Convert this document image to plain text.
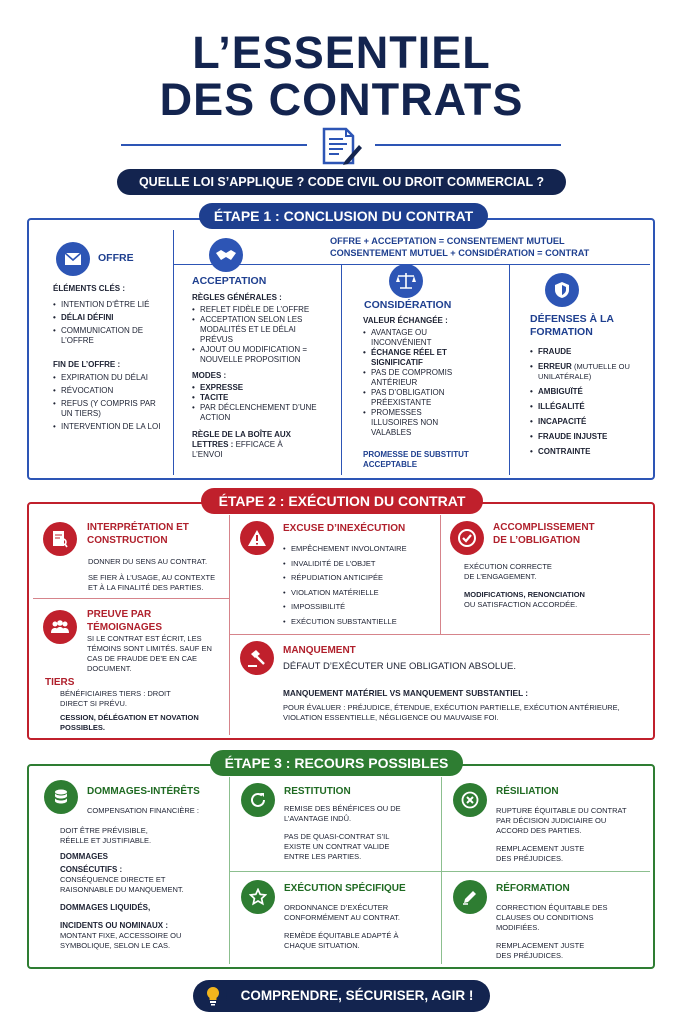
L’ESSENTIEL
DES CONTRATS
QUELLE LOI S’APPLIQUE ? CODE CIVIL OU DROIT COMMERCIAL ?
ÉTAPE 1 : CONCLUSION DU CONTRAT
OFFRE + ACCEPTATION = CONSENTEMENT MUTUEL
CONSENTEMENT MUTUEL + CONSIDÉRATION = CONTRAT
OFFRE
ÉLÉMENTS CLÉS :
• INTENTION D’ÊTRE LIÉ
• DÉLAI DÉFINI
• COMMUNICATION DE L’OFFRE
FIN DE L’OFFRE :
• EXPIRATION DU DÉLAI
• RÉVOCATION
• REFUS (Y COMPRIS PAR UN TIERS)
• INTERVENTION DE LA LOI
ACCEPTATION
RÈGLES GÉNÉRALES :
• REFLET FIDÈLE DE L’OFFRE
• ACCEPTATION SELON LES MODALITÉS ET LE DÉLAI PRÉVUS
• AJOUT OU MODIFICATION = NOUVELLE PROPOSITION
MODES :
• EXPRESSE
• TACITE
• PAR DÉCLENCHEMENT D’UNE ACTION
RÈGLE DE LA BOÎTE AUX LETTRES : EFFICACE À L’ENVOI
CONSIDÉRATION
VALEUR ÉCHANGÉE :
• AVANTAGE OU INCONVÉNIENT
• ÉCHANGE RÉEL ET SIGNIFICATIF
• PAS DE COMPROMIS ANTÉRIEUR
• PAS D’OBLIGATION PRÉEXISTANTE
• PROMESSES ILLUSOIRES NON VALABLES
PROMESSE DE SUBSTITUT ACCEPTABLE
DÉFENSES À LA FORMATION
• FRAUDE
• ERREUR (MUTUELLE OU UNILATÉRALE)
• AMBIGUÏTÉ
• ILLÉGALITÉ
• INCAPACITÉ
• FRAUDE INJUSTE
• CONTRAINTE
ÉTAPE 2 : EXÉCUTION DU CONTRAT
INTERPRÉTATION ET CONSTRUCTION
DONNER DU SENS AU CONTRAT.
SE FIER À L’USAGE, AU CONTEXTE ET À LA FINALITÉ DES PARTIES.
PREUVE PAR TÉMOIGNAGES
SI LE CONTRAT EST ÉCRIT, LES TÉMOINS SONT LIMITÉS. SAUF EN CAS DE FRAUDE DE’E EN CAE DOCUMENT.
TIERS
BÉNÉFICIAIRES TIERS : DROIT DIRECT SI PRÉVU.
CESSION, DÉLÉGATION ET NOVATION POSSIBLES.
EXCUSE D’INEXÉCUTION
• EMPÊCHEMENT INVOLONTAIRE
• INVALIDITÉ DE L’OBJET
• RÉPUDIATION ANTICIPÉE
• VIOLATION MATÉRIELLE
• IMPOSSIBILITÉ
• EXÉCUTION SUBSTANTIELLE
ACCOMPLISSEMENT DE L’OBLIGATION
EXÉCUTION CORRECTE DE L’ENGAGEMENT.
MODIFICATIONS, RENONCIATION
OU SATISFACTION ACCORDÉE.
MANQUEMENT
DÉFAUT D’EXÉCUTER UNE OBLIGATION ABSOLUE.
MANQUEMENT MATÉRIEL VS MANQUEMENT SUBSTANTIEL :
POUR ÉVALUER : PRÉJUDICE, ÉTENDUE, EXÉCUTION PARTIELLE, EXÉCUTION ANTÉRIEURE, VIOLATION ESSENTIELLE, NÉGLIGENCE OU MAUVAISE FOI.
ÉTAPE 3 : RECOURS POSSIBLES
DOMMAGES-INTÉRÊTS
COMPENSATION FINANCIÈRE :
DOIT ÊTRE PRÉVISIBLE, RÉELLE ET JUSTIFIABLE.
DOMMAGES
CONSÉCUTIFS :
CONSÉQUENCE DIRECTE ET RAISONNABLE DU MANQUEMENT.
DOMMAGES LIQUIDÉS,
INCIDENTS OU NOMINAUX :
MONTANT FIXE, ACCESSOIRE OU SYMBOLIQUE, SELON LE CAS.
RESTITUTION
REMISE DES BÉNÉFICES OU DE L’AVANTAGE INDÛ.
PAS DE QUASI-CONTRAT S’IL EXISTE UN CONTRAT VALIDE ENTRE LES PARTIES.
RÉSILIATION
RUPTURE ÉQUITABLE DU CONTRAT PAR DÉCISION JUDICIAIRE OU ACCORD DES PARTIES.
REMPLACEMENT JUSTE DES PRÉJUDICES.
EXÉCUTION SPÉCIFIQUE
ORDONNANCE D’EXÉCUTER CONFORMÉMENT AU CONTRAT.
REMÈDE ÉQUITABLE ADAPTÉ À CHAQUE SITUATION.
RÉFORMATION
CORRECTION ÉQUITABLE DES CLAUSES OU CONDITIONS MODIFIÉES.
REMPLACEMENT JUSTE DES PRÉJUDICES.
COMPRENDRE, SÉCURISER, AGIR !
